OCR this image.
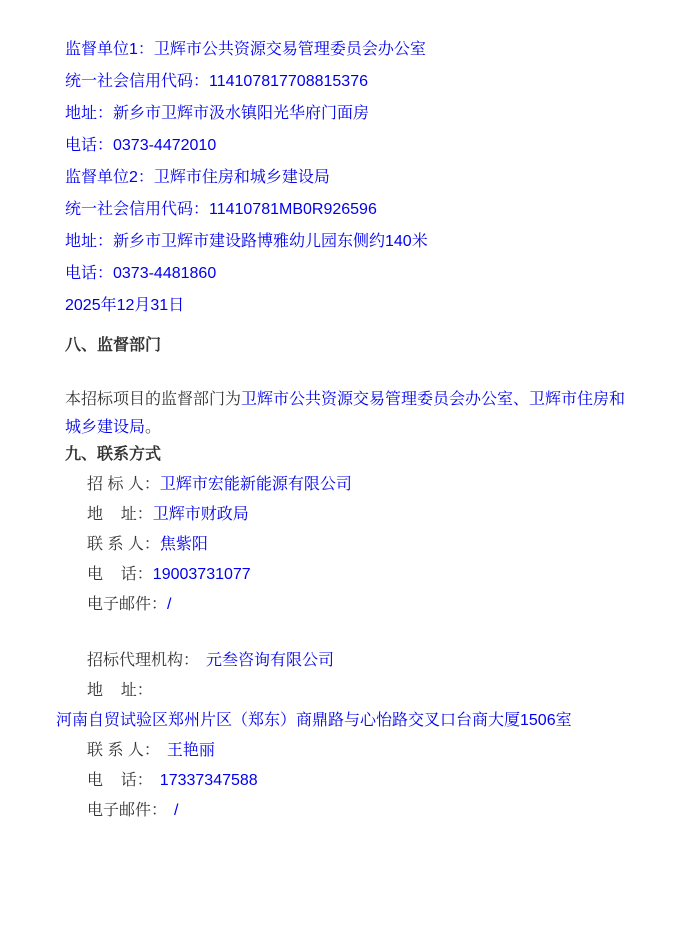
监督单位1：卫辉市公共资源交易管理委员会办公室
统一社会信用代码：114107817708815376
地址：新乡市卫辉市汲水镇阳光华府门面房
电话：0373-4472010
监督单位2：卫辉市住房和城乡建设局
统一社会信用代码：11410781MB0R926596
地址：新乡市卫辉市建设路博雅幼儿园东侧约140米
电话：0373-4481860
2025年12月31日
八、监督部门

本招标项目的监督部门为卫辉市公共资源交易管理委员会办公室、卫辉市住房和城乡建设局。

九、联系方式
招 标 人：卫辉市宏能新能源有限公司
地    址：卫辉市财政局
联 系 人：焦紫阳
电    话：19003731077
电子邮件：/
招标代理机构： 元叁咨询有限公司
地    址：
河南自贸试验区郑州片区（郑东）商鼎路与心怡路交叉口台商大厦1506室
联 系 人： 王艳丽
电    话： 17337347588
电子邮件： /
